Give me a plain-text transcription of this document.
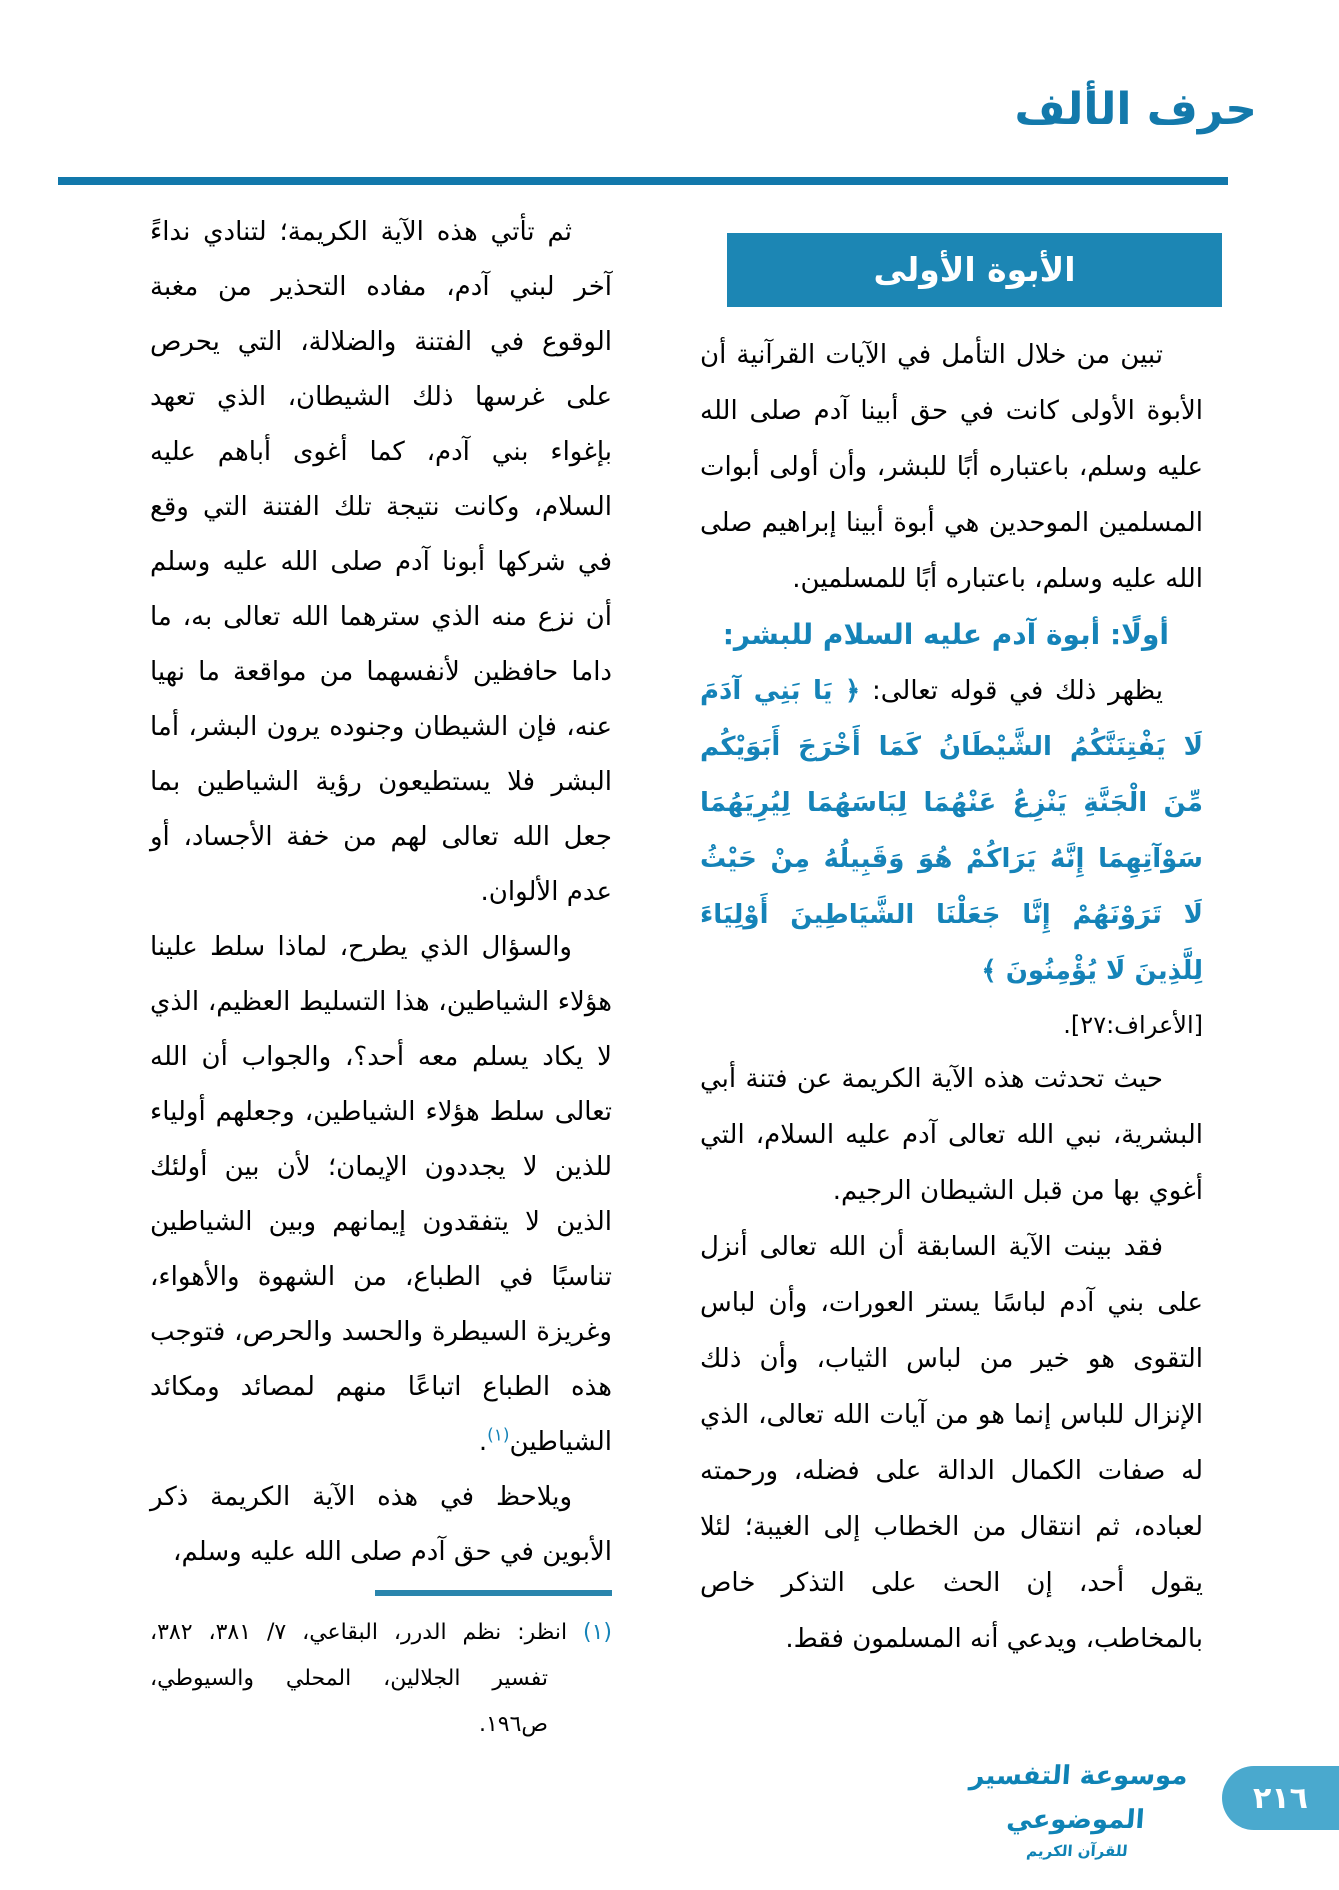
حرف الألف
الأبوة الأولى

تبين من خلال التأمل في الآيات القرآنية أن الأبوة الأولى كانت في حق أبينا آدم صلى الله عليه وسلم، باعتباره أبًا للبشر، وأن أولى أبوات المسلمين الموحدين هي أبوة أبينا إبراهيم صلى الله عليه وسلم، باعتباره أبًا للمسلمين.

أولًا: أبوة آدم عليه السلام للبشر:

يظهر ذلك في قوله تعالى: ﴿ يَا بَنِي آدَمَ لَا يَفْتِنَنَّكُمُ الشَّيْطَانُ كَمَا أَخْرَجَ أَبَوَيْكُم مِّنَ الْجَنَّةِ يَنْزِعُ عَنْهُمَا لِبَاسَهُمَا لِيُرِيَهُمَا سَوْآتِهِمَا إِنَّهُ يَرَاكُمْ هُوَ وَقَبِيلُهُ مِنْ حَيْثُ لَا تَرَوْنَهُمْ إِنَّا جَعَلْنَا الشَّيَاطِينَ أَوْلِيَاءَ لِلَّذِينَ لَا يُؤْمِنُونَ ﴾

[الأعراف:٢٧].

حيث تحدثت هذه الآية الكريمة عن فتنة أبي البشرية، نبي الله تعالى آدم عليه السلام، التي أغوي بها من قبل الشيطان الرجيم.

فقد بينت الآية السابقة أن الله تعالى أنزل على بني آدم لباسًا يستر العورات، وأن لباس التقوى هو خير من لباس الثياب، وأن ذلك الإنزال للباس إنما هو من آيات الله تعالى، الذي له صفات الكمال الدالة على فضله، ورحمته لعباده، ثم انتقال من الخطاب إلى الغيبة؛ لئلا يقول أحد، إن الحث على التذكر خاص بالمخاطب، ويدعي أنه المسلمون فقط.

ثم تأتي هذه الآية الكريمة؛ لتنادي نداءً آخر لبني آدم، مفاده التحذير من مغبة الوقوع في الفتنة والضلالة، التي يحرص على غرسها ذلك الشيطان، الذي تعهد بإغواء بني آدم، كما أغوى أباهم عليه السلام، وكانت نتيجة تلك الفتنة التي وقع في شركها أبونا آدم صلى الله عليه وسلم أن نزع منه الذي سترهما الله تعالى به، ما داما حافظين لأنفسهما من مواقعة ما نهيا عنه، فإن الشيطان وجنوده يرون البشر، أما البشر فلا يستطيعون رؤية الشياطين بما جعل الله تعالى لهم من خفة الأجساد، أو عدم الألوان.

والسؤال الذي يطرح، لماذا سلط علينا هؤلاء الشياطين، هذا التسليط العظيم، الذي لا يكاد يسلم معه أحد؟، والجواب أن الله تعالى سلط هؤلاء الشياطين، وجعلهم أولياء للذين لا يجددون الإيمان؛ لأن بين أولئك الذين لا يتفقدون إيمانهم وبين الشياطين تناسبًا في الطباع، من الشهوة والأهواء، وغريزة السيطرة والحسد والحرص، فتوجب هذه الطباع اتباعًا منهم لمصائد ومكائد الشياطين$^{(١)}$.

ويلاحظ في هذه الآية الكريمة ذكر الأبوين في حق آدم صلى الله عليه وسلم،

(١) انظر: نظم الدرر، البقاعي، ٧/ ٣٨١، ٣٨٢، تفسير الجلالين، المحلي والسيوطي، ص١٩٦.

موسوعة التفسير الموضوعي
للقرآن الكريم
٢١٦
